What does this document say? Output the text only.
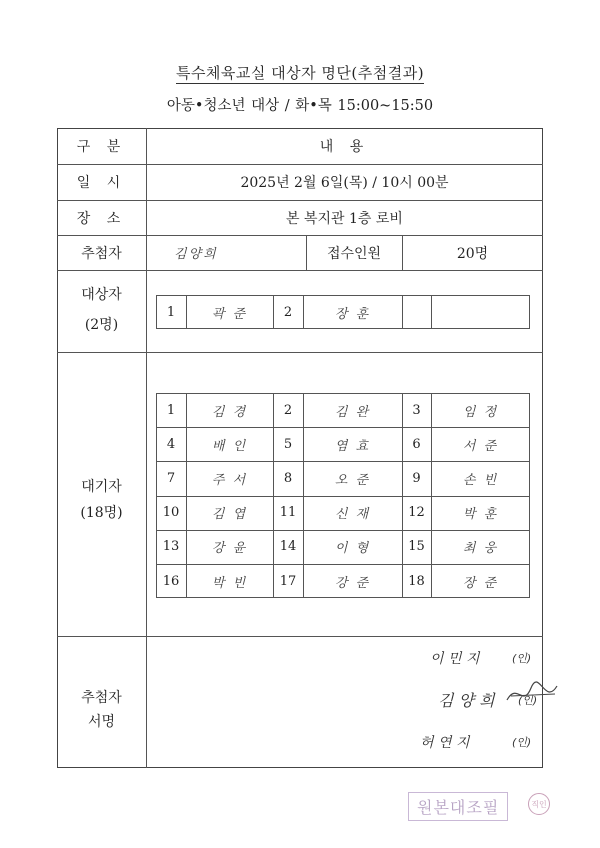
특수체육교실 대상자 명단(추첨결과)
아동•청소년 대상 / 화•목 15:00~15:50
구 분	내 용
일 시	2025년 2월 6일(목) / 10시 00분
장 소	본 복지관 1층 로비
추첨자	김양희	접수인원	20명
대상자
(2명)
1	곽 준	2	장 훈
대기자
(18명)
1	김 경	2	김 완	3	임 정
4	배 인	5	염 효	6	서 준
7	주 서	8	오 준	9	손 빈
10	김 엽	11	신 재	12	박 훈
13	강 윤	14	이 형	15	최 웅
16	박 빈	17	강 준	18	장 준
추첨자
서명
이 민 지	(인)
김 양 희 (인)
허 연 지	(인)
원본대조필	직인
